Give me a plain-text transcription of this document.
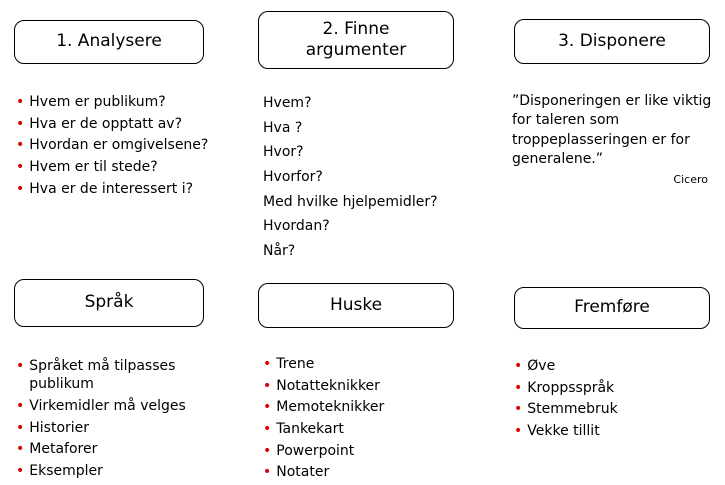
1. Analysere
2. Finne argumenter	3. Disponere
•
Hvem er publikum?
•
Hva er de opptatt av?
•
Hvordan er omgivelsene?
•
Hvem er til stede?
•
Hva er de interessert i?
Hvem?
Hva ?
Hvor?
Hvorfor?
Med hvilke hjelpemidler?
Hvordan?
Når?
”Disponeringen er like viktig for taleren som troppeplasseringen er for generalene.”
Cicero
Språk	Huske	Fremføre
•
Språket må tilpasses publikum
•
Virkemidler må velges
•
Historier
•
Metaforer
•
Eksempler
•
Trene
•
Notatteknikker
•
Memoteknikker
•
Tankekart
•
Powerpoint
•
Notater
•
Øve
•
Kroppsspråk
•
Stemmebruk
•
Vekke tillit
